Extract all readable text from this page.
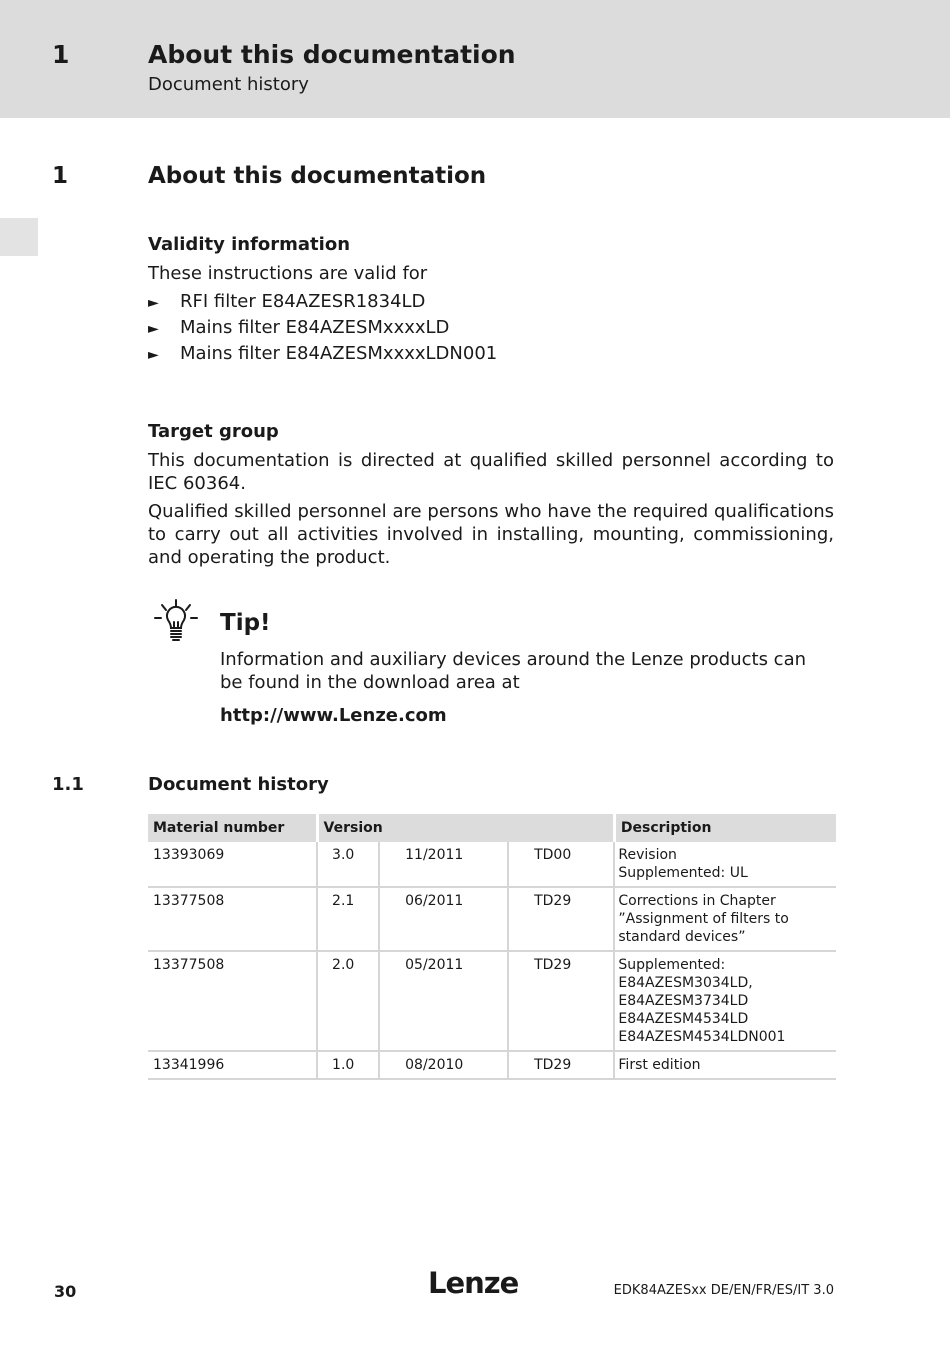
1	About this documentation
Document history
1	About this documentation
Validity information
These instructions are valid for
► RFI filter E84AZESR1834LD
► Mains filter E84AZESMxxxxLD
► Mains filter E84AZESMxxxxLDN001
Target group
This documentation is directed at qualified skilled personnel according to IEC 60364.
Qualified skilled personnel are persons who have the required qualifications to carry out all activities involved in installing, mounting, commissioning, and operating the product.
Tip!
Information and auxiliary devices around the Lenze products can be found in the download area at
http://www.Lenze.com
1.1	Document history
Material number	Version			Description
13393069	3.0	11/2011	TD00	Revision
Supplemented: UL

13377508	2.1	06/2011	TD29	Corrections in Chapter
”Assignment of filters to
standard devices”

13377508	2.0	05/2011	TD29	Supplemented:
E84AZESM3034LD,
E84AZESM3734LD
E84AZESM4534LD
E84AZESM4534LDN001

13341996	1.0	08/2010	TD29	First edition
30	Lenze	EDK84AZESxx DE/EN/FR/ES/IT 3.0
